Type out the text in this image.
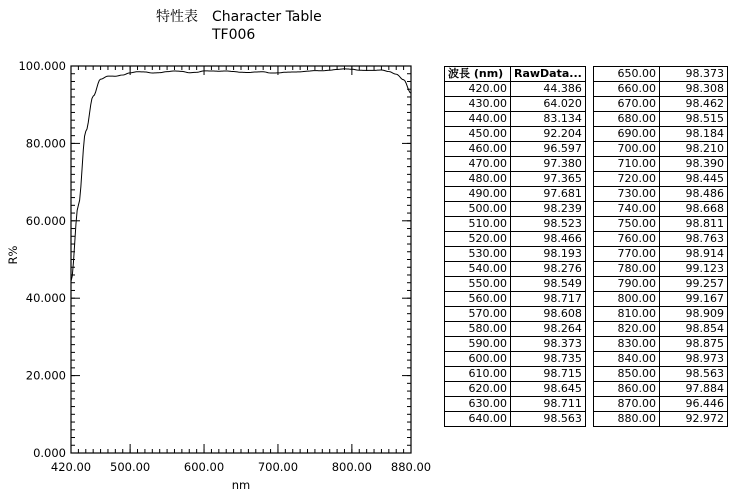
特性表 Character Table
TF006
0.000
20.000
40.000
60.000
80.000
100.000
420.00 500.00	600.00	700.00	800.00 880.00
nm
R%
波長 (nm)	RawData...
420.00	44.386
430.00	64.020
440.00	83.134
450.00	92.204
460.00	96.597
470.00	97.380
480.00	97.365
490.00	97.681
500.00	98.239
510.00	98.523
520.00	98.466
530.00	98.193
540.00	98.276
550.00	98.549
560.00	98.717
570.00	98.608
580.00	98.264
590.00	98.373
600.00	98.735
610.00	98.715
620.00	98.645
630.00	98.711
640.00	98.563
650.00	98.373
660.00	98.308
670.00	98.462
680.00	98.515
690.00	98.184
700.00	98.210
710.00	98.390
720.00	98.445
730.00	98.486
740.00	98.668
750.00	98.811
760.00	98.763
770.00	98.914
780.00	99.123
790.00	99.257
800.00	99.167
810.00	98.909
820.00	98.854
830.00	98.875
840.00	98.973
850.00	98.563
860.00	97.884
870.00	96.446
880.00	92.972
